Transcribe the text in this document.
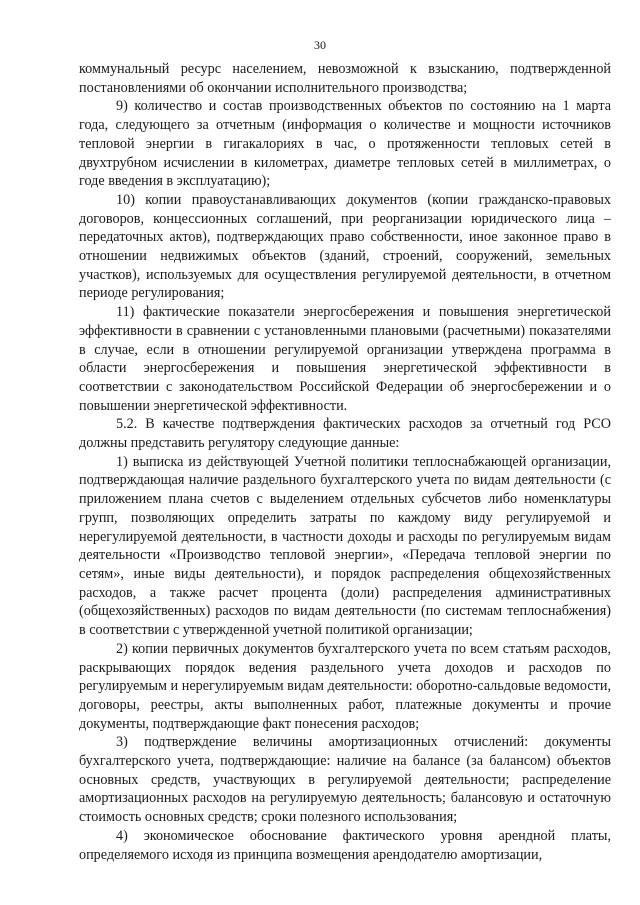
30

коммунальный ресурс населением, невозможной к взысканию, подтвержденной постановлениями об окончании исполнительного производства;

9) количество и состав производственных объектов по состоянию на 1 марта года, следующего за отчетным (информация о количестве и мощности источников тепловой энергии в гигакалориях в час, о протяженности тепловых сетей в двухтрубном исчислении в километрах, диаметре тепловых сетей в миллиметрах, о годе введения в эксплуатацию);

10) копии правоустанавливающих документов (копии гражданско-правовых договоров, концессионных соглашений, при реорганизации юридического лица – передаточных актов), подтверждающих право собственности, иное законное право в отношении недвижимых объектов (зданий, строений, сооружений, земельных участков), используемых для осуществления регулируемой деятельности, в отчетном периоде регулирования;

11) фактические показатели энергосбережения и повышения энергетической эффективности в сравнении с установленными плановыми (расчетными) показателями в случае, если в отношении регулируемой организации утверждена программа в области энергосбережения и повышения энергетической эффективности в соответствии с законодательством Российской Федерации об энергосбережении и о повышении энергетической эффективности.

5.2. В качестве подтверждения фактических расходов за отчетный год РСО должны представить регулятору следующие данные:

1) выписка из действующей Учетной политики теплоснабжающей организации, подтверждающая наличие раздельного бухгалтерского учета по видам деятельности (с приложением плана счетов с выделением отдельных субсчетов либо номенклатуры групп, позволяющих определить затраты по каждому виду регулируемой и нерегулируемой деятельности, в частности доходы и расходы по регулируемым видам деятельности «Производство тепловой энергии», «Передача тепловой энергии по сетям», иные виды деятельности), и порядок распределения общехозяйственных расходов, а также расчет процента (доли) распределения административных (общехозяйственных) расходов по видам деятельности (по системам теплоснабжения) в соответствии с утвержденной учетной политикой организации;

2) копии первичных документов бухгалтерского учета по всем статьям расходов, раскрывающих порядок ведения раздельного учета доходов и расходов по регулируемым и нерегулируемым видам деятельности: оборотно-сальдовые ведомости, договоры, реестры, акты выполненных работ, платежные документы и прочие документы, подтверждающие факт понесения расходов;

3) подтверждение величины амортизационных отчислений: документы бухгалтерского учета, подтверждающие: наличие на балансе (за балансом) объектов основных средств, участвующих в регулируемой деятельности; распределение амортизационных расходов на регулируемую деятельность; балансовую и остаточную стоимость основных средств; сроки полезного использования;

4) экономическое обоснование фактического уровня арендной платы, определяемого исходя из принципа возмещения арендодателю амортизации,
